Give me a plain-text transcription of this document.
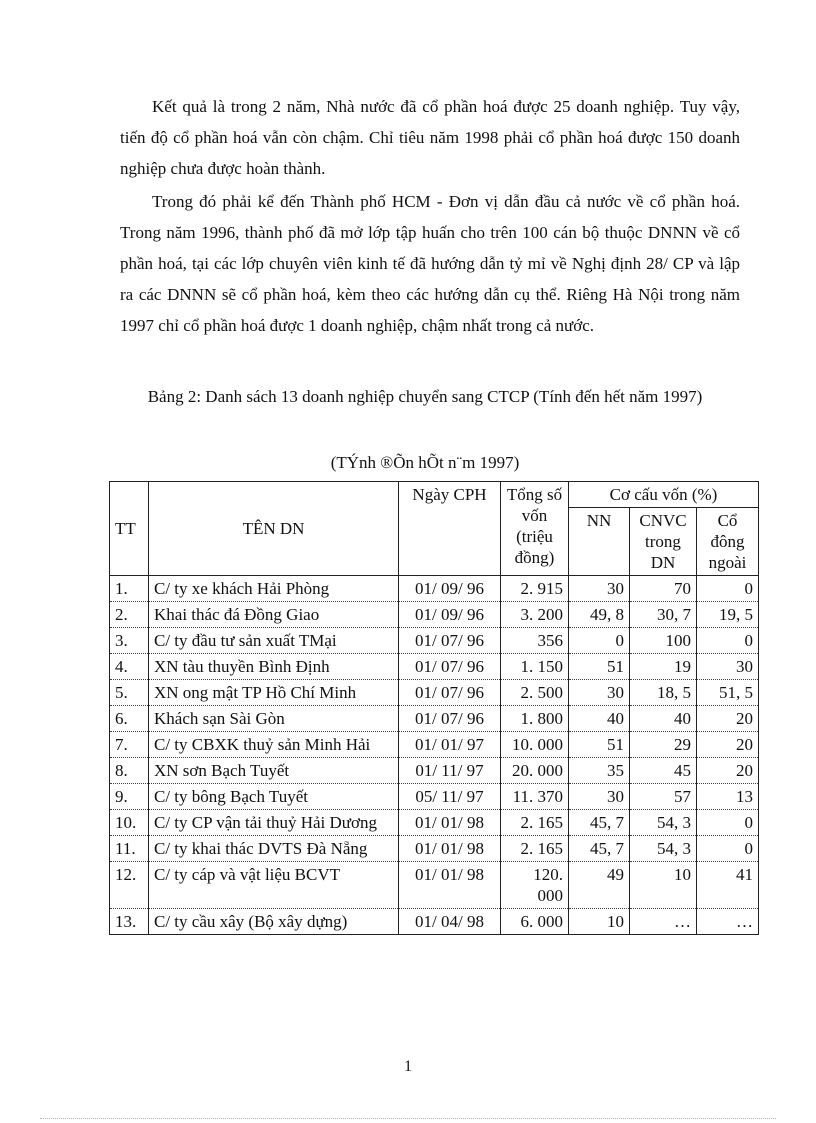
Kết quả là trong 2 năm, Nhà nước đã cổ phần hoá được 25 doanh nghiệp. Tuy vậy, tiến độ cổ phần hoá vẫn còn chậm. Chỉ tiêu năm 1998 phải cổ phần hoá được 150 doanh nghiệp chưa được hoàn thành.

Trong đó phải kể đến Thành phố HCM - Đơn vị dẫn đầu cả nước về cổ phần hoá. Trong năm 1996, thành phố đã mở lớp tập huấn cho trên 100 cán bộ thuộc DNNN về cổ phần hoá, tại các lớp chuyên viên kinh tế đã hướng dẫn tỷ mỉ về Nghị định 28/ CP và lập ra các DNNN sẽ cổ phần hoá, kèm theo các hướng dẫn cụ thể. Riêng Hà Nội trong năm 1997 chỉ cổ phần hoá được 1 doanh nghiệp, chậm nhất trong cả nước.

Bảng 2: Danh sách 13 doanh nghiệp chuyển sang CTCP (Tính đến hết năm 1997)

(TÝnh ®Õn hÕt n¨m 1997)

TT	TÊN DN	Ngày CPH	Tổng số vốn (triệu đồng)	Cơ cấu vốn (%)		
				NN	CNVC trong DN	Cổ đông ngoài
1.	C/ ty xe khách Hải Phòng	01/ 09/ 96	2. 915	30	70	0
2.	Khai thác đá Đồng Giao	01/ 09/ 96	3. 200	49, 8	30, 7	19, 5
3.	C/ ty đầu tư sản xuất TMại	01/ 07/ 96	356	0	100	0
4.	XN tàu thuyền Bình Định	01/ 07/ 96	1. 150	51	19	30
5.	XN ong mật TP Hồ Chí Minh	01/ 07/ 96	2. 500	30	18, 5	51, 5
6.	Khách sạn Sài Gòn	01/ 07/ 96	1. 800	40	40	20
7.	C/ ty CBXK thuỷ sản Minh Hải	01/ 01/ 97	10. 000	51	29	20
8.	XN sơn Bạch Tuyết	01/ 11/ 97	20. 000	35	45	20
9.	C/ ty bông Bạch Tuyết	05/ 11/ 97	11. 370	30	57	13
10.	C/ ty CP vận tải thuỷ Hải Dương	01/ 01/ 98	2. 165	45, 7	54, 3	0
11.	C/ ty khai thác DVTS Đà Nẵng	01/ 01/ 98	2. 165	45, 7	54, 3	0
12.	C/ ty cáp và vật liệu BCVT	01/ 01/ 98	120. 000	49	10	41
13.	C/ ty cầu xây (Bộ xây dựng)	01/ 04/ 98	6. 000	10	…	…
1
